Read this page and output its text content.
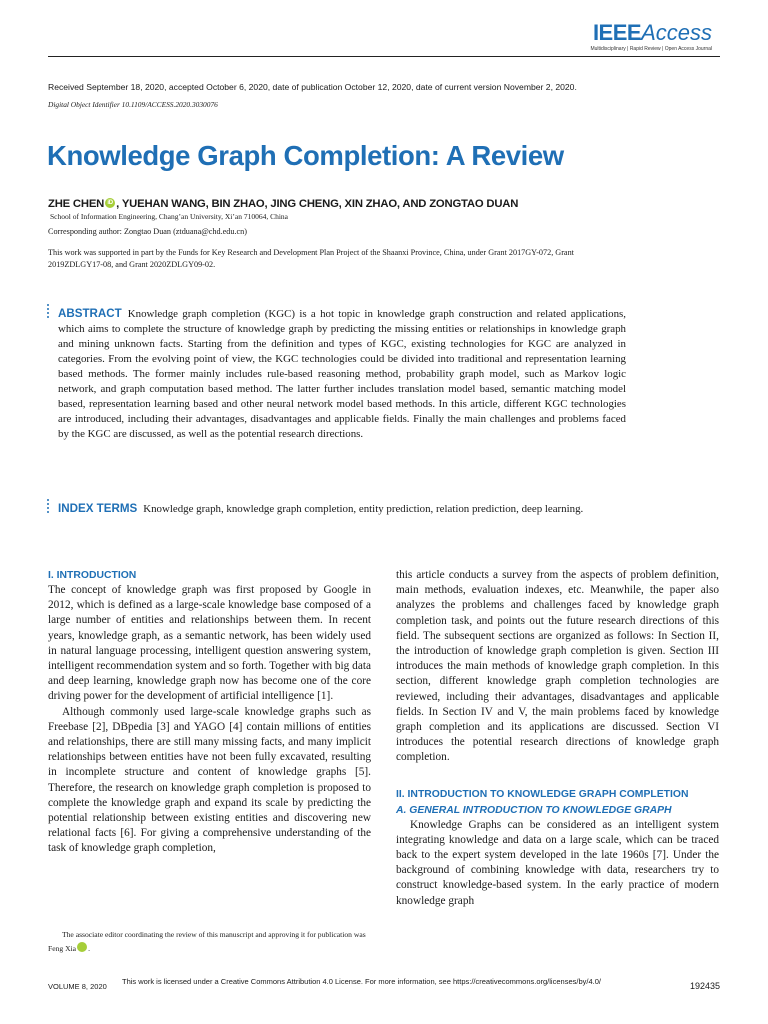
IEEEAccess
Multidisciplinary | Rapid Review | Open Access Journal
Received September 18, 2020, accepted October 6, 2020, date of publication October 12, 2020, date of current version November 2, 2020.
Digital Object Identifier 10.1109/ACCESS.2020.3030076
Knowledge Graph Completion: A Review
ZHE CHEN iD , YUEHAN WANG, BIN ZHAO, JING CHENG, XIN ZHAO, AND ZONGTAO DUAN
School of Information Engineering, Chang’an University, Xi’an 710064, China
Corresponding author: Zongtao Duan (ztduana@chd.edu.cn)
This work was supported in part by the Funds for Key Research and Development Plan Project of the Shaanxi Province, China, under Grant 2017GY-072, Grant 2019ZDLGY17-08, and Grant 2020ZDLGY09-02.
ABSTRACT Knowledge graph completion (KGC) is a hot topic in knowledge graph construction and related applications, which aims to complete the structure of knowledge graph by predicting the missing entities or relationships in knowledge graph and mining unknown facts. Starting from the definition and types of KGC, existing technologies for KGC are analyzed in categories. From the evolving point of view, the KGC technologies could be divided into traditional and representation learning based methods. The former mainly includes rule-based reasoning method, probability graph model, such as Markov logic network, and graph computation based method. The latter further includes translation model based, semantic matching model based, representation learning based and other neural network model based methods. In this article, different KGC technologies are introduced, including their advantages, disadvantages and applicable fields. Finally the main challenges and problems faced by the KGC are discussed, as well as the potential research directions.
INDEX TERMS Knowledge graph, knowledge graph completion, entity prediction, relation prediction, deep learning.
I. INTRODUCTION

The concept of knowledge graph was first proposed by Google in 2012, which is defined as a large-scale knowledge base composed of a large number of entities and relationships between them. In recent years, knowledge graph, as a semantic network, has been widely used in natural language processing, intelligent question answering system, intelligent recommendation system and so forth. Together with big data and deep learning, knowledge graph now has become one of the core driving power for the development of artificial intelligence [1].

Although commonly used large-scale knowledge graphs such as Freebase [2], DBpedia [3] and YAGO [4] contain millions of entities and relationships, there are still many missing facts, and many implicit relationships between entities have not been fully excavated, resulting in incomplete structure and content of knowledge graphs [5]. Therefore, the research on knowledge graph completion is proposed to complete the knowledge graph and expand its scale by predicting the potential relationship between existing entities and discovering new relational facts [6]. For giving a comprehensive understanding of the task of knowledge graph completion,

The associate editor coordinating the review of this manuscript and approving it for publication was Feng Xia	iD.

this article conducts a survey from the aspects of problem definition, main methods, evaluation indexes, etc. Meanwhile, the paper also analyzes the problems and challenges faced by knowledge graph completion task, and points out the future research directions of this field. The subsequent sections are organized as follows: In Section II, the introduction of knowledge graph completion is given. Section III introduces the main methods of knowledge graph completion. In this section, different knowledge graph completion technologies are reviewed, including their advantages, disadvantages and applicable fields. In Section IV and V, the main problems faced by knowledge graph completion and its applications are discussed. Section VI introduces the potential research directions of knowledge graph completion.

II. INTRODUCTION TO KNOWLEDGE GRAPH COMPLETION
A. GENERAL INTRODUCTION TO KNOWLEDGE GRAPH

Knowledge Graphs can be considered as an intelligent system integrating knowledge and data on a large scale, which can be traced back to the expert system developed in the late 1960s [7]. Under the background of combining knowledge with data, researchers try to construct knowledge-based system. In the early practice of modern knowledge graph

VOLUME 8, 2020
This work is licensed under a Creative Commons Attribution 4.0 License. For more information, see https://creativecommons.org/licenses/by/4.0/	192435
